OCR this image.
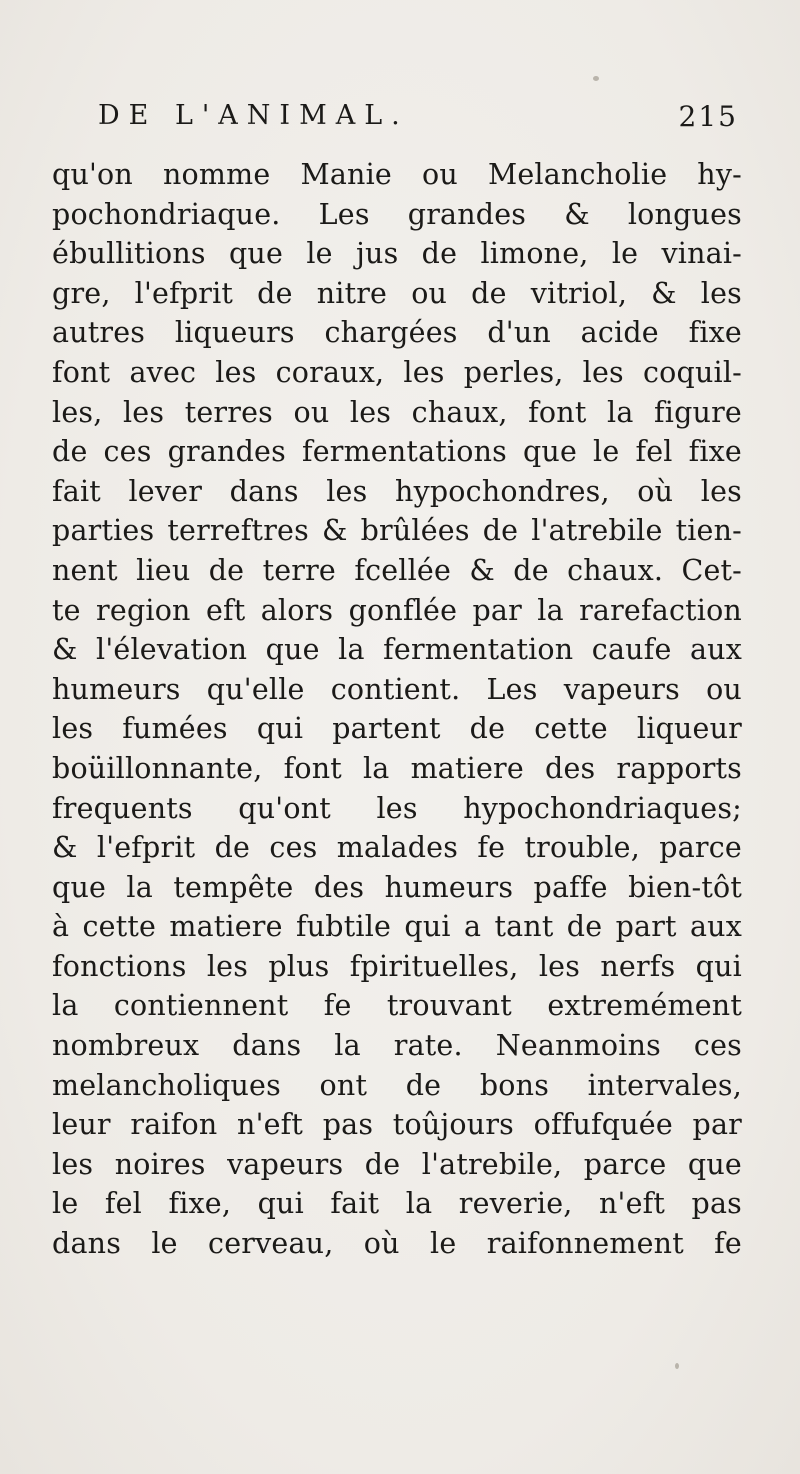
DE L'ANIMAL.	215
qu'on nomme Manie ou Melancholie hy-
pochondriaque. Les grandes & longues
ébullitions que le jus de limone, le vinai-
gre, l'efprit de nitre ou de vitriol, & les
autres liqueurs chargées d'un acide fixe
font avec les coraux, les perles, les coquil-
les, les terres ou les chaux, font la figure
de ces grandes fermentations que le fel fixe
fait lever dans les hypochondres, où les
parties terreftres & brûlées de l'atrebile tien-
nent lieu de terre fcellée & de chaux. Cet-
te region eft alors gonflée par la rarefaction
& l'élevation que la fermentation caufe aux
humeurs qu'elle contient. Les vapeurs ou
les fumées qui partent de cette liqueur
boüillonnante, font la matiere des rapports
frequents qu'ont les hypochondriaques;
& l'efprit de ces malades fe trouble, parce
que la tempête des humeurs paffe bien-tôt
à cette matiere fubtile qui a tant de part aux
fonctions les plus fpirituelles, les nerfs qui
la contiennent fe trouvant extremément
nombreux dans la rate. Neanmoins ces
melancholiques ont de bons intervales,
leur raifon n'eft pas toûjours offufquée par
les noires vapeurs de l'atrebile, parce que
le fel fixe, qui fait la reverie, n'eft pas
dans le cerveau, où le raifonnement fe
